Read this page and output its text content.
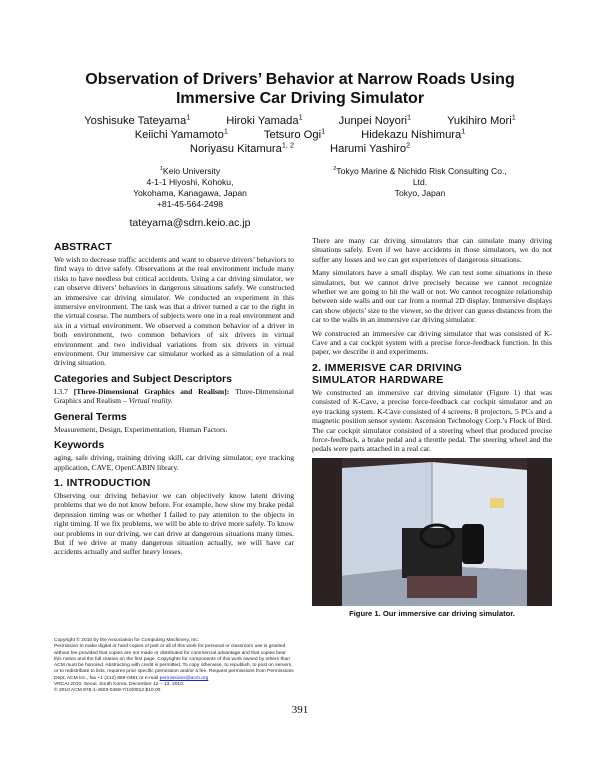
Observation of Drivers’ Behavior at Narrow Roads Using
Immersive Car Driving Simulator
Yoshisuke Tateyama$^1$	Hiroki Yamada$^1$	Junpei Noyori$^1$	Yukihiro Mori$^1$
Keiichi Yamamoto$^1$	Tetsuro Ogi$^1$	Hidekazu Nishimura$^1$
Noriyasu Kitamura$^{1, 2}$	Harumi Yashiro$^2$
$^1$Keio University
4-1-1 Hiyoshi, Kohoku,
Yokohama, Kanagawa, Japan
+81-45-564-2498
$^2$Tokyo Marine & Nichido Risk Consulting Co., Ltd.
Tokyo, Japan
tateyama@sdm.keio.ac.jp
ABSTRACT

We wish to decrease traffic accidents and want to observe drivers’ behaviors to find ways to drive safely. Observations at the real environment include many risks to have needless but critical accidents. Using a car driving simulator, we can observe drivers’ behaviors in dangerous situations safely. We constructed an immersive car driving simulator. We conducted an experiment in this immersive environment. The task was that a driver turned a car to the right in the virtual course. The numbers of subjects were one in a real environment and six in a virtual environment. We observed a common behavior of a driver in both environment, two common behaviors of six drivers in virtual environment and two individual variations from six drivers in virtual environment. Our immersive car simulator worked as a simulation of a real driving situation.

Categories and Subject Descriptors

I.3.7 [Three-Dimensional Graphics and Realism]: Three-Dimensional Graphics and Realism – Virtual reality.

General Terms

Measurement, Design, Experimentation, Human Factors.

Keywords

aging, safe driving, training driving skill, car driving simulator, eye tracking application, CAVE, OpenCABIN library.

1. INTRODUCTION

Observing our driving behavior we can objectively know latent driving problems that we do not know before. For example, how slow my brake pedal depression timing was or whether I failed to pay attention to the objects in right timing. If we fix problems, we will be able to drive more safely. To know our problems in our driving, we can drive at dangerous situations many times. But if we drive at many dangerous situation actually, we will have car accidents actually and suffer heavy losses.

There are many car driving simulators that can simulate many driving situations safely. Even if we have accidents in those simulators, we do not suffer any losses and we can get experiences of dangerous situations.

Many simulators have a small display. We can test some situations in these simulators, but we cannot drive precisely because we cannot recognize whether we are going to hit the wall or not. We cannot recognize relationship between side walls and our car from a normal 2D display. Immersive displays can show objects’ size to the viewer, so the driver can guess distances from the car to the walls in an immersive car driving simulator.

We constructed an immersive car driving simulator that was consisted of K-Cave and a car cockpit system with a precise force-feedback function. In this paper, we describe it and experiments.

2. IMMERISVE CAR DRIVING
SIMULATOR HARDWARE

We constructed an immersive car driving simulator (Figure 1) that was consisted of K-Cave, a precise force-feedback car cockpit simulator and an eye tracking system. K-Cave consisted of 4 screens, 8 projectors, 5 PCs and a magnetic position sensor system: Ascension Technology Corp.’s Flock of Bird. The car cockpit simulator consisted of a steering wheel that produced precise force-feedback, a brake pedal and a throttle pedal. The steering wheel and the pedals were parts attached in a real car.

Figure 1. Our immersive car driving simulator.
Copyright © 2010 by the Association for Computing Machinery, Inc.
Permission to make digital or hard copies of part or all of this work for personal or classroom use is granted without fee provided that copies are not made or distributed for commercial advantage and that copies bear this notice and the full citation on the first page. Copyrights for components of this work owned by others than ACM must be honored. Abstracting with credit is permitted. To copy otherwise, to republish, to post on servers, or to redistribute to lists, requires prior specific permission and/or a fee. Request permissions from Permissions Dept, ACM Inc., fax +1 (212) 869-0481 or e-mail permissions@acm.org
VRCAI 2010, Seoul, South Korea, December 12 – 13, 2010.
© 2010 ACM 978-1-4503-0459-7/10/0012 $10.00
391
